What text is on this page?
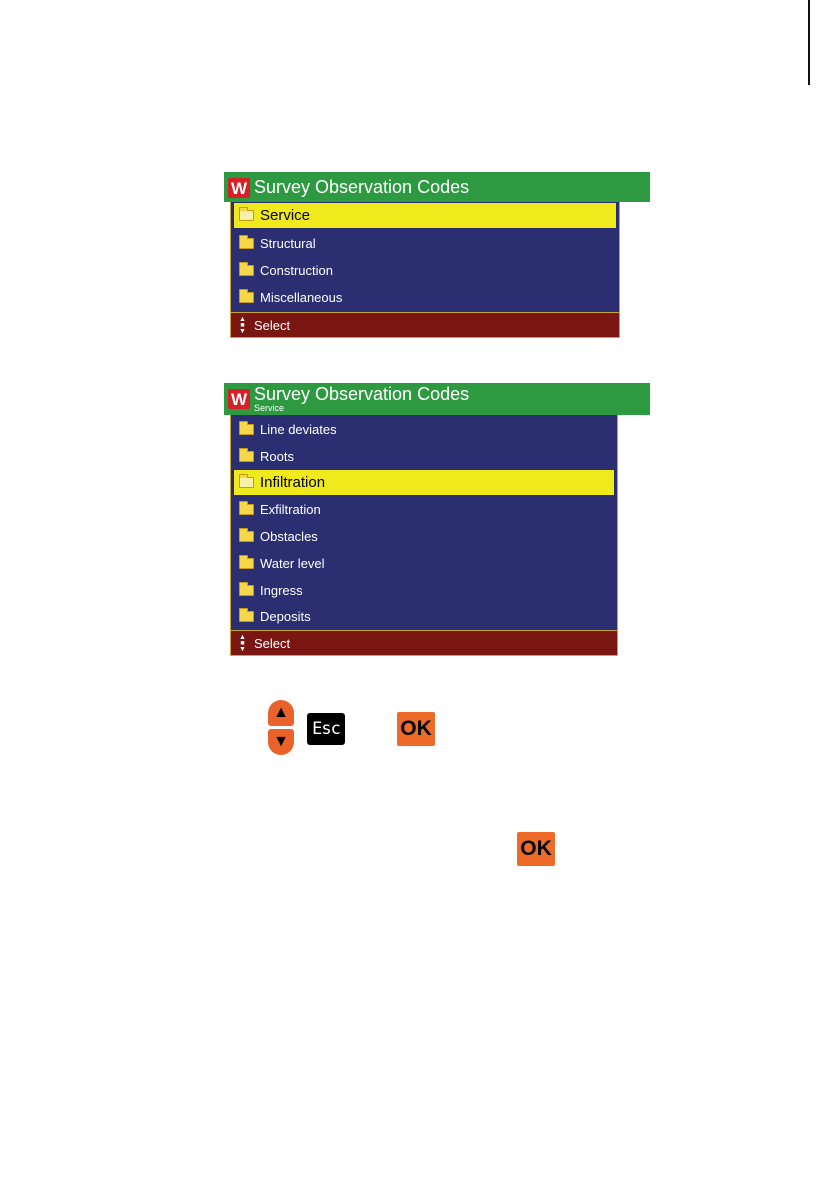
W Survey Observation Codes
Service
Structural
Construction
Miscellaneous
▲
■
▼ Select
W Survey Observation Codes
Service
Line deviates
Roots
Infiltration
Exfiltration
Obstacles
Water level
Ingress
Deposits
▲
■
▼ Select
▲
▼
Esc	OK
OK
